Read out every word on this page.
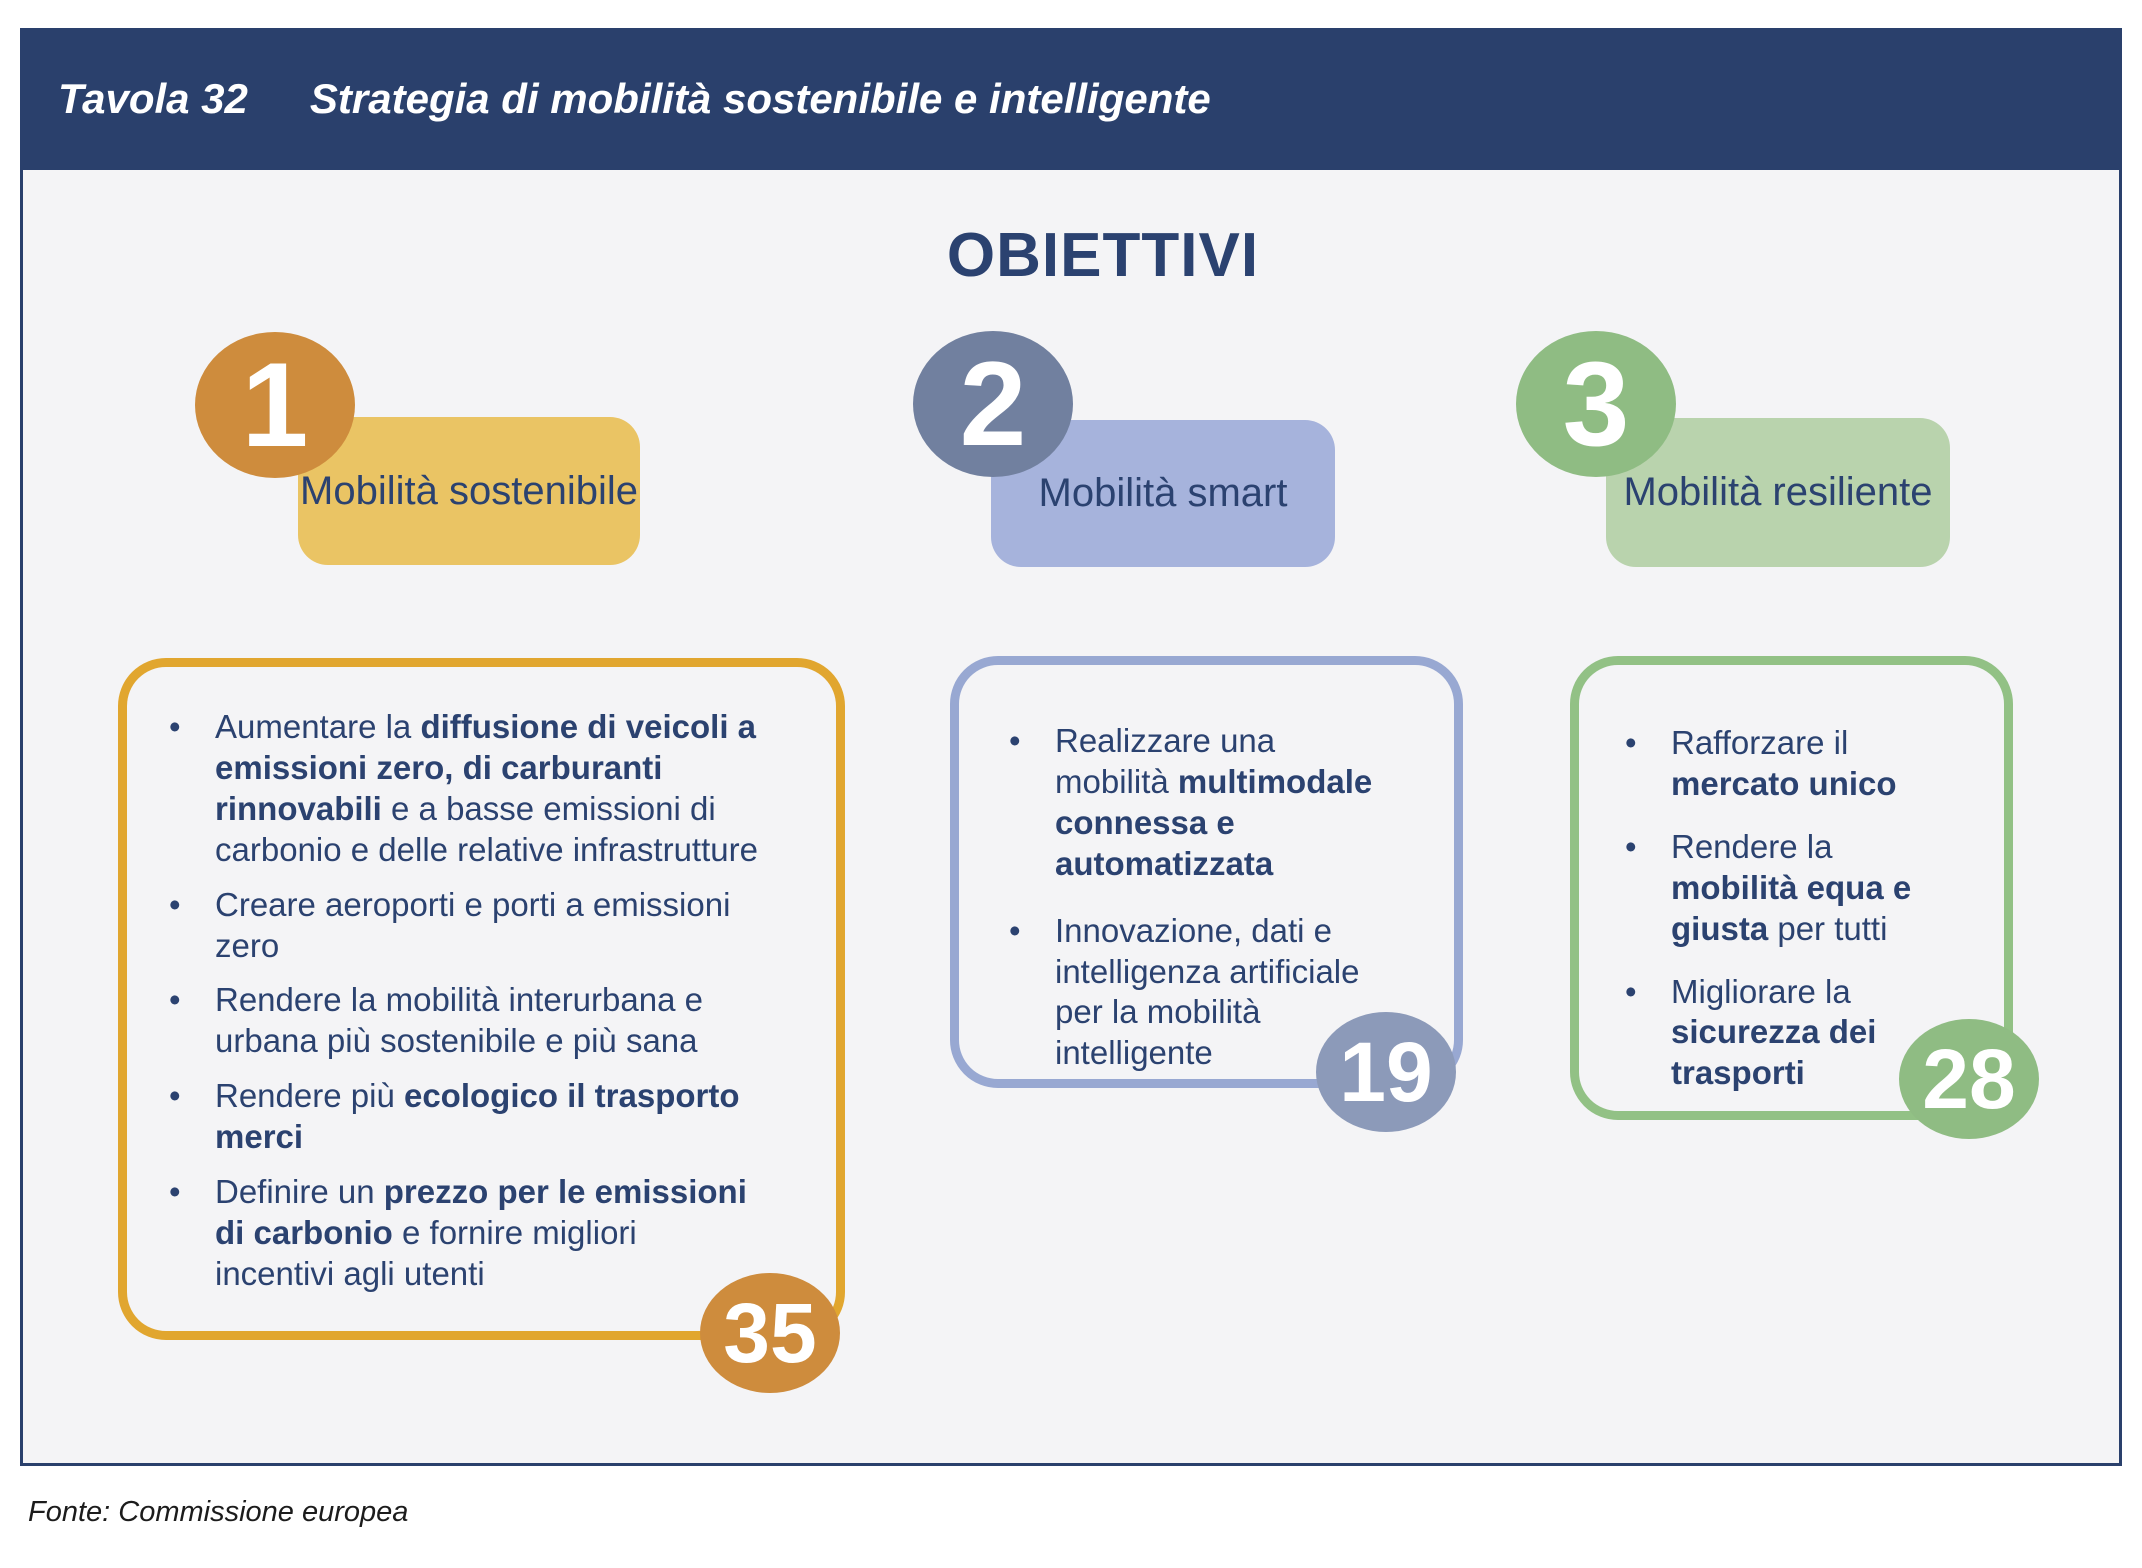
Tavola 32 Strategia di mobilità sostenibile e intelligente
OBIETTIVI
1
Mobilità sostenibile
•	Aumentare la diffusione di veicoli a emissioni zero, di carburanti rinnovabili e a basse emissioni di carbonio e delle relative infrastrutture
•	Creare aeroporti e porti a emissioni zero
•	Rendere la mobilità interurbana e urbana più sostenibile e più sana
•	Rendere più ecologico il trasporto merci
•	Definire un prezzo per le emissioni di carbonio e fornire migliori incentivi agli utenti
35
2
Mobilità smart
•	Realizzare una mobilità multimodale connessa e automatizzata
•	Innovazione, dati e intelligenza artificiale per la mobilità intelligente	19
3
Mobilità resiliente
•	Rafforzare il mercato unico
•	Rendere la mobilità equa e giusta per tutti
•	Migliorare la sicurezza dei trasporti	28
Fonte: Commissione europea
